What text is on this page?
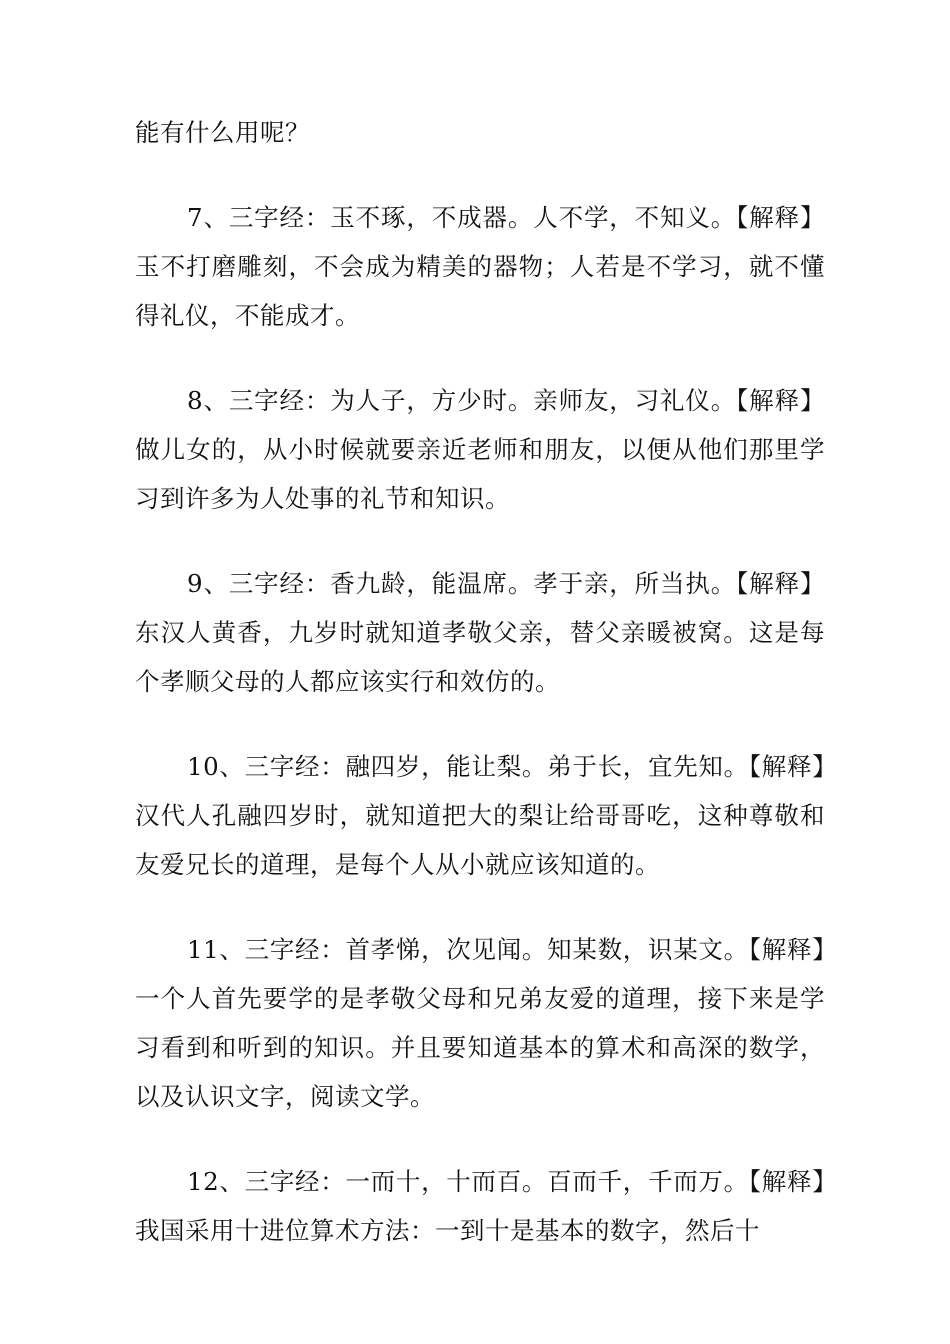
能有什么用呢？

7、三字经：玉不琢，不成器。人不学，不知义。【解释】玉不打磨雕刻，不会成为精美的器物；人若是不学习，就不懂得礼仪，不能成才。

8、三字经：为人子，方少时。亲师友，习礼仪。【解释】做儿女的，从小时候就要亲近老师和朋友，以便从他们那里学习到许多为人处事的礼节和知识。

9、三字经：香九龄，能温席。孝于亲，所当执。【解释】东汉人黄香，九岁时就知道孝敬父亲，替父亲暖被窝。这是每个孝顺父母的人都应该实行和效仿的。

10、三字经：融四岁，能让梨。弟于长，宜先知。【解释】汉代人孔融四岁时，就知道把大的梨让给哥哥吃，这种尊敬和友爱兄长的道理，是每个人从小就应该知道的。

11、三字经：首孝悌，次见闻。知某数，识某文。【解释】一个人首先要学的是孝敬父母和兄弟友爱的道理，接下来是学习看到和听到的知识。并且要知道基本的算术和高深的数学，以及认识文字，阅读文学。

12、三字经：一而十，十而百。百而千，千而万。【解释】我国采用十进位算术方法：一到十是基本的数字，然后十
